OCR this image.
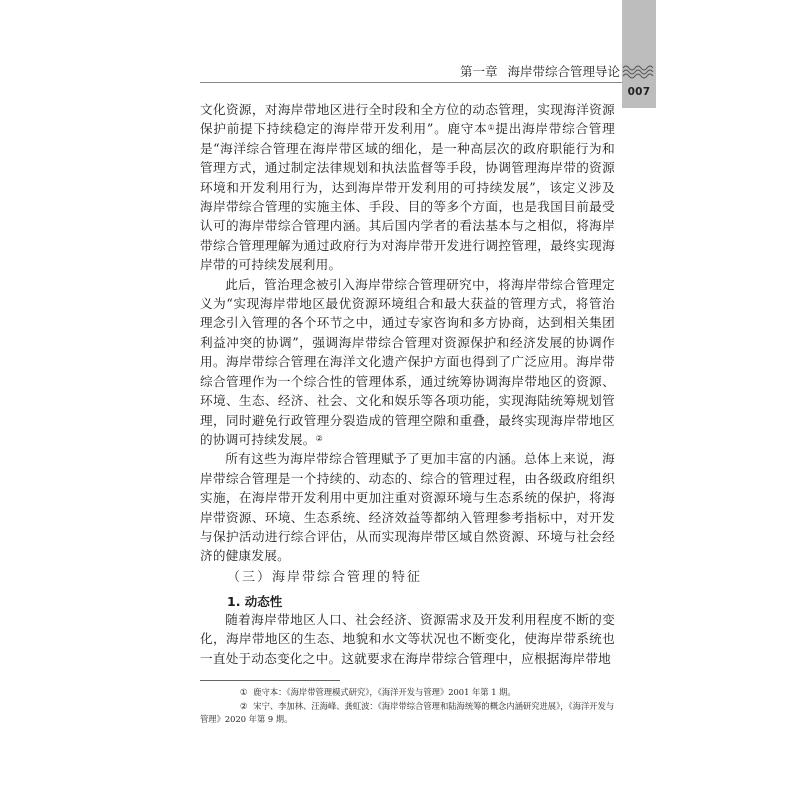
第一章 海岸带综合管理导论
007

文化资源，对海岸带地区进行全时段和全方位的动态管理，实现海洋资源保护前提下持续稳定的海岸带开发利用”。鹿守本①提出海岸带综合管理是“海洋综合管理在海岸带区域的细化，是一种高层次的政府职能行为和管理方式，通过制定法律规划和执法监督等手段，协调管理海岸带的资源环境和开发利用行为，达到海岸带开发利用的可持续发展”，该定义涉及海岸带综合管理的实施主体、手段、目的等多个方面，也是我国目前最受认可的海岸带综合管理内涵。其后国内学者的看法基本与之相似，将海岸带综合管理理解为通过政府行为对海岸带开发进行调控管理，最终实现海岸带的可持续发展利用。

此后，管治理念被引入海岸带综合管理研究中，将海岸带综合管理定义为“实现海岸带地区最优资源环境组合和最大获益的管理方式，将管治理念引入管理的各个环节之中，通过专家咨询和多方协商，达到相关集团利益冲突的协调”，强调海岸带综合管理对资源保护和经济发展的协调作用。海岸带综合管理在海洋文化遗产保护方面也得到了广泛应用。海岸带综合管理作为一个综合性的管理体系，通过统筹协调海岸带地区的资源、环境、生态、经济、社会、文化和娱乐等各项功能，实现海陆统筹规划管理，同时避免行政管理分裂造成的管理空隙和重叠，最终实现海岸带地区的协调可持续发展。②

所有这些为海岸带综合管理赋予了更加丰富的内涵。总体上来说，海岸带综合管理是一个持续的、动态的、综合的管理过程，由各级政府组织实施，在海岸带开发利用中更加注重对资源环境与生态系统的保护，将海岸带资源、环境、生态系统、经济效益等都纳入管理参考指标中，对开发与保护活动进行综合评估，从而实现海岸带区域自然资源、环境与社会经济的健康发展。

（三）海岸带综合管理的特征
1. 动态性

随着海岸带地区人口、社会经济、资源需求及开发利用程度不断的变化，海岸带地区的生态、地貌和水文等状况也不断变化，使海岸带系统也一直处于动态变化之中。这就要求在海岸带综合管理中，应根据海岸带地

① 鹿守本：《海岸带管理模式研究》，《海洋开发与管理》2001 年第 1 期。

② 宋宁、李加林、汪海峰、龚虹波：《海岸带综合管理和陆海统筹的概念内涵研究进展》，《海洋开发与管理》2020 年第 9 期。
